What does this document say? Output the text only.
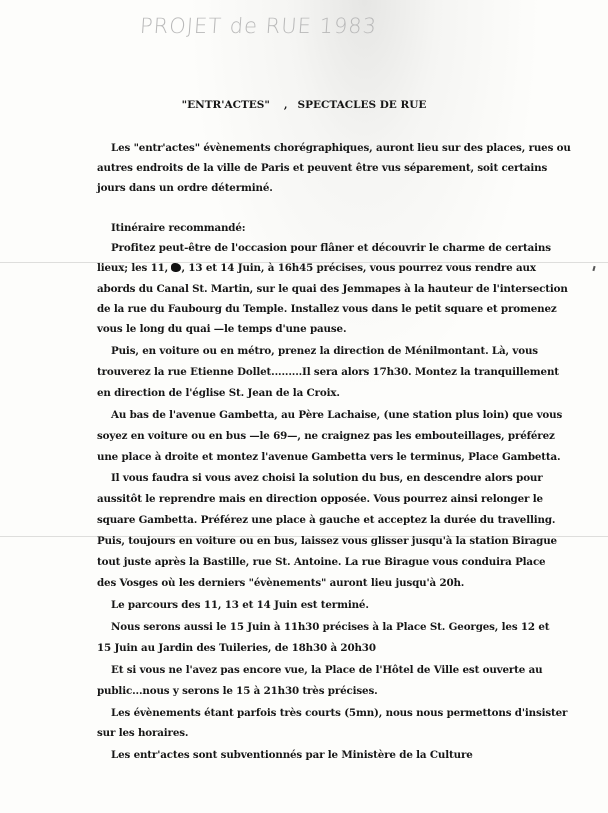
PROJET de RUE 1983
"ENTR'ACTES" , SPECTACLES DE RUE
Les "entr'actes" évènements chorégraphiques, auront lieu sur des places, rues ou
autres endroits de la ville de Paris et peuvent être vus séparement, soit certains
jours dans un ordre déterminé.
Itinéraire recommandé:
Profitez peut-être de l'occasion pour flâner et découvrir le charme de certains
lieux; les 11, , 13 et 14 Juin, à 16h45 précises, vous pourrez vous rendre aux
abords du Canal St. Martin, sur le quai des Jemmapes à la hauteur de l'intersection
de la rue du Faubourg du Temple. Installez vous dans le petit square et promenez
vous le long du quai —le temps d'une pause.
Puis, en voiture ou en métro, prenez la direction de Ménilmontant. Là, vous
trouverez la rue Etienne Dollet.........Il sera alors 17h30. Montez la tranquillement
en direction de l'église St. Jean de la Croix.
Au bas de l'avenue Gambetta, au Père Lachaise, (une station plus loin) que vous
soyez en voiture ou en bus —le 69—, ne craignez pas les embouteillages, préférez
une place à droite et montez l'avenue Gambetta vers le terminus, Place Gambetta.
Il vous faudra si vous avez choisi la solution du bus, en descendre alors pour
aussitôt le reprendre mais en direction opposée. Vous pourrez ainsi relonger le
square Gambetta. Préférez une place à gauche et acceptez la durée du travelling.
Puis, toujours en voiture ou en bus, laissez vous glisser jusqu'à la station Birague
tout juste après la Bastille, rue St. Antoine. La rue Birague vous conduira Place
des Vosges où les derniers "évènements" auront lieu jusqu'à 20h.
Le parcours des 11, 13 et 14 Juin est terminé.
Nous serons aussi le 15 Juin à 11h30 précises à la Place St. Georges, les 12 et
15 Juin au Jardin des Tuileries, de 18h30 à 20h30
Et si vous ne l'avez pas encore vue, la Place de l'Hôtel de Ville est ouverte au
public...nous y serons le 15 à 21h30 très précises.
Les évènements étant parfois très courts (5mn), nous nous permettons d'insister
sur les horaires.
Les entr'actes sont subventionnés par le Ministère de la Culture
